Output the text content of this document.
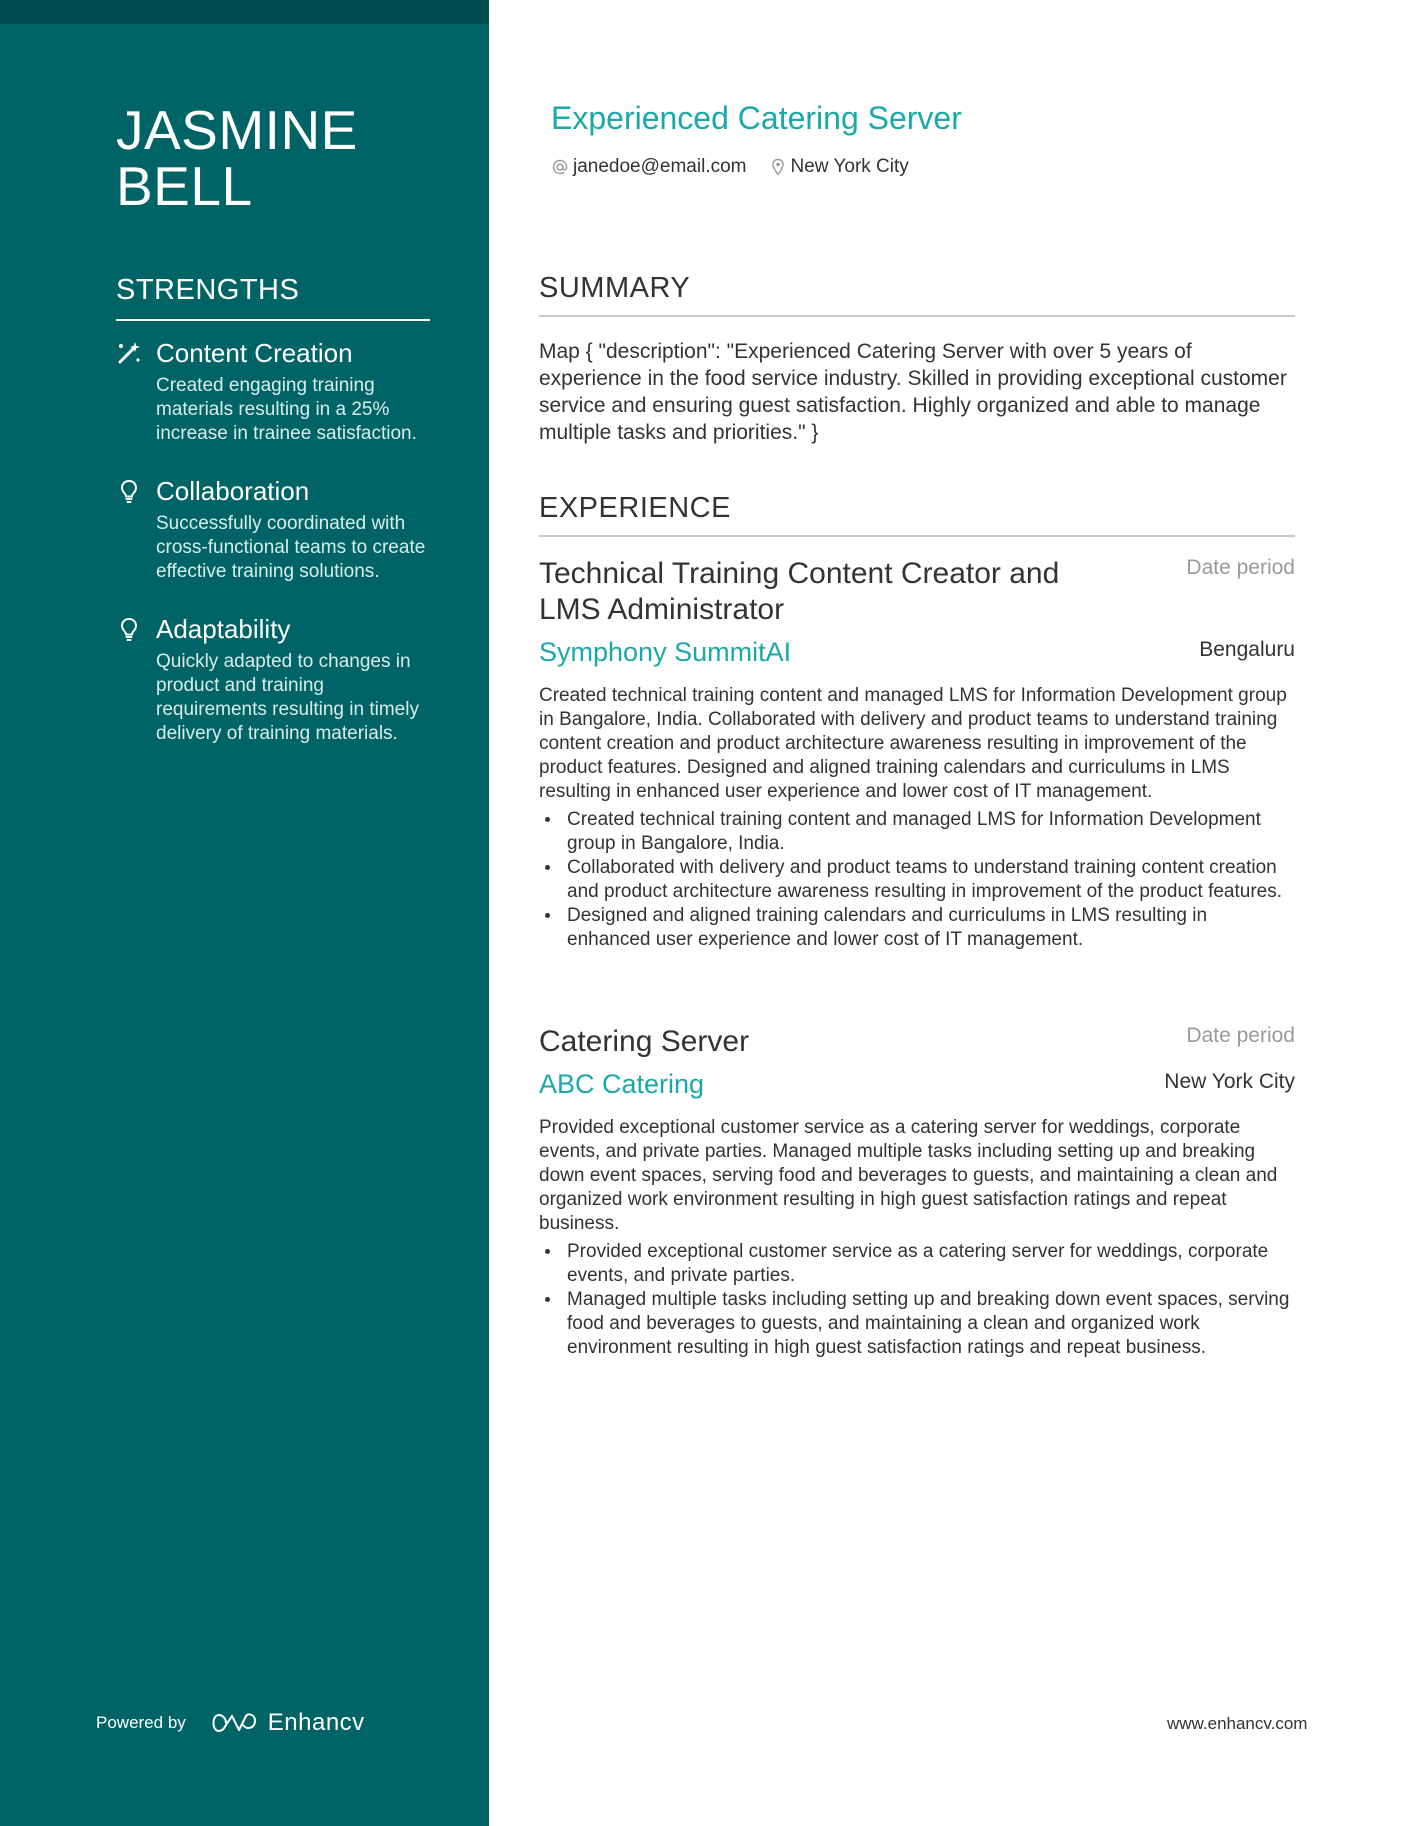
JASMINE
BELL
STRENGTHS
Content Creation
Created engaging training materials resulting in a 25% increase in trainee satisfaction.
Collaboration
Successfully coordinated with cross-functional teams to create effective training solutions.
Adaptability
Quickly adapted to changes in product and training requirements resulting in timely delivery of training materials.
Powered by	Enhancv
Experienced Catering Server
janedoe@email.com New York City
SUMMARY
Map { "description": "Experienced Catering Server with over 5 years of experience in the food service industry. Skilled in providing exceptional customer service and ensuring guest satisfaction. Highly organized and able to manage multiple tasks and priorities." }
EXPERIENCE
Technical Training Content Creator and LMS Administrator
Date period
Symphony SummitAI	Bengaluru
Created technical training content and managed LMS for Information Development group in Bangalore, India. Collaborated with delivery and product teams to understand training content creation and product architecture awareness resulting in improvement of the product features. Designed and aligned training calendars and curriculums in LMS resulting in enhanced user experience and lower cost of IT management.
Created technical training content and managed LMS for Information Development group in Bangalore, India.
Collaborated with delivery and product teams to understand training content creation and product architecture awareness resulting in improvement of the product features.
Designed and aligned training calendars and curriculums in LMS resulting in enhanced user experience and lower cost of IT management.
Catering Server	Date period
ABC Catering	New York City
Provided exceptional customer service as a catering server for weddings, corporate events, and private parties. Managed multiple tasks including setting up and breaking down event spaces, serving food and beverages to guests, and maintaining a clean and organized work environment resulting in high guest satisfaction ratings and repeat business.
Provided exceptional customer service as a catering server for weddings, corporate events, and private parties.
Managed multiple tasks including setting up and breaking down event spaces, serving food and beverages to guests, and maintaining a clean and organized work environment resulting in high guest satisfaction ratings and repeat business.
www.enhancv.com
